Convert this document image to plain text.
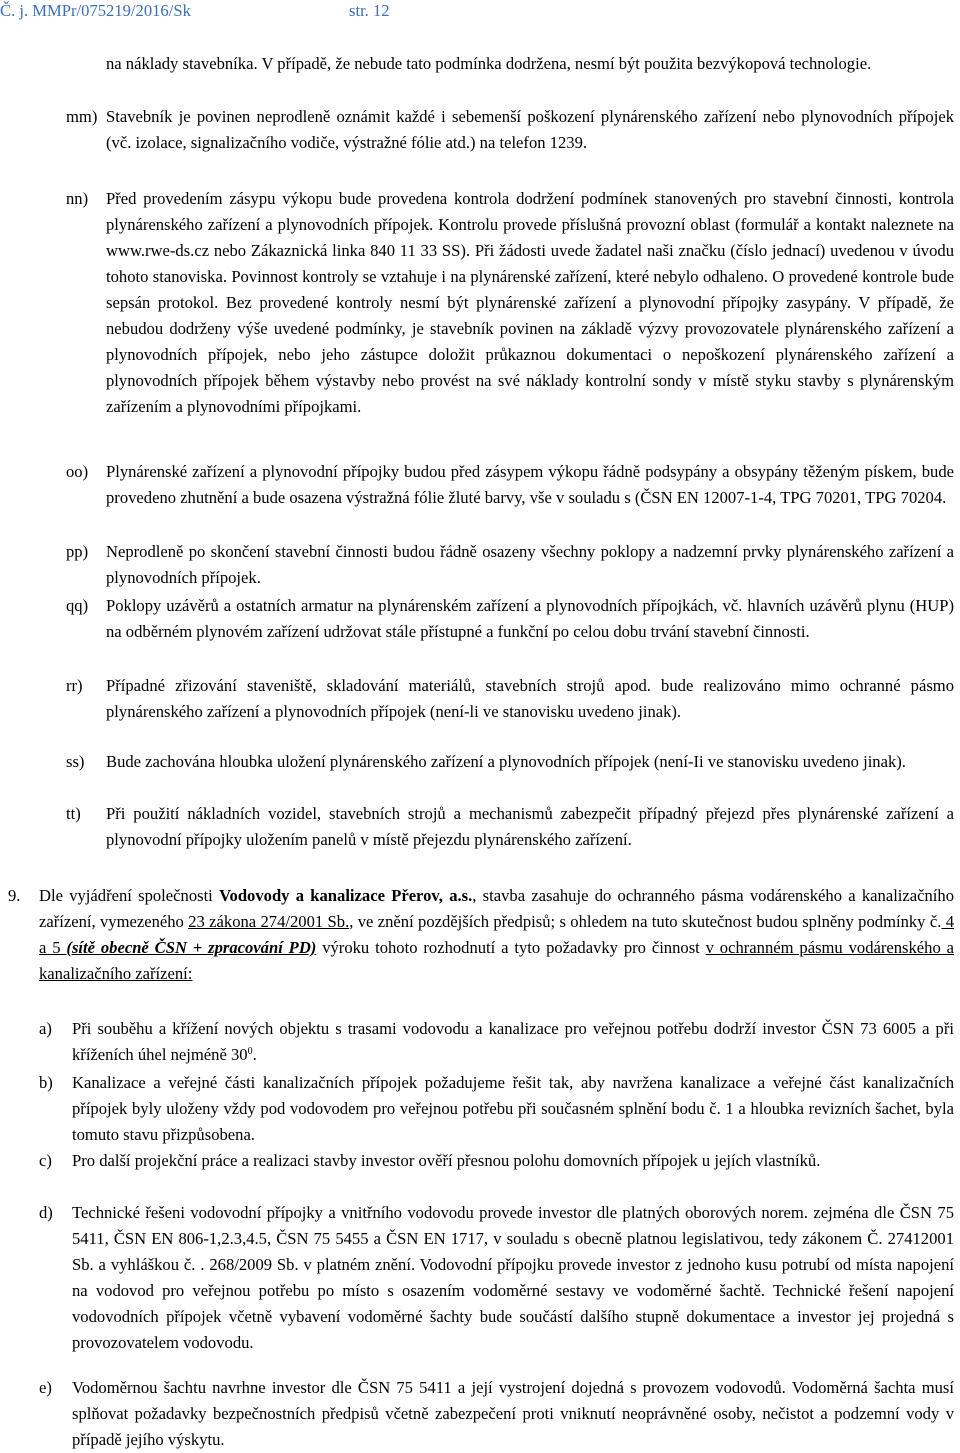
Č. j. MMPr/075219/2016/Sk	str. 12
na náklady stavebníka. V případě, že nebude tato podmínka dodržena, nesmí být použita bezvýkopová technologie.
mm) Stavebník je povinen neprodleně oznámit každé i sebemenší poškození plynárenského zařízení nebo plynovodních přípojek (vč. izolace, signalizačního vodiče, výstražné fólie atd.) na telefon 1239.
nn) Před provedením zásypu výkopu bude provedena kontrola dodržení podmínek stanovených pro stavební činnosti, kontrola plynárenského zařízení a plynovodních přípojek. Kontrolu provede příslušná provozní oblast (formulář a kontakt naleznete na www.rwe-ds.cz nebo Zákaznická linka 840 11 33 SS). Při žádosti uvede žadatel naši značku (číslo jednací) uvedenou v úvodu tohoto stanoviska. Povinnost kontroly se vztahuje i na plynárenské zařízení, které nebylo odhaleno. O provedené kontrole bude sepsán protokol. Bez provedené kontroly nesmí být plynárenské zařízení a plynovodní přípojky zasypány. V případě, že nebudou dodrženy výše uvedené podmínky, je stavebník povinen na základě výzvy provozovatele plynárenského zařízení a plynovodních přípojek, nebo jeho zástupce doložit průkaznou dokumentaci o nepoškození plynárenského zařízení a plynovodních přípojek během výstavby nebo provést na své náklady kontrolní sondy v místě styku stavby s plynárenským zařízením a plynovodními přípojkami.
oo) Plynárenské zařízení a plynovodní přípojky budou před zásypem výkopu řádně podsypány a obsypány těženým pískem, bude provedeno zhutnění a bude osazena výstražná fólie žluté barvy, vše v souladu s (ČSN EN 12007-1-4, TPG 70201, TPG 70204.
pp) Neprodleně po skončení stavební činnosti budou řádně osazeny všechny poklopy a nadzemní prvky plynárenského zařízení a plynovodních přípojek.
qq) Poklopy uzávěrů a ostatních armatur na plynárenském zařízení a plynovodních přípojkách, vč. hlavních uzávěrů plynu (HUP) na odběrném plynovém zařízení udržovat stále přístupné a funkční po celou dobu trvání stavební činnosti.
rr) Případné zřizování staveniště, skladování materiálů, stavebních strojů apod. bude realizováno mimo ochranné pásmo plynárenského zařízení a plynovodních přípojek (není-li ve stanovisku uvedeno jinak).
ss) Bude zachována hloubka uložení plynárenského zařízení a plynovodních přípojek (není-Ii ve stanovisku uvedeno jinak).
tt) Při použití nákladních vozidel, stavebních strojů a mechanismů zabezpečit případný přejezd přes plynárenské zařízení a plynovodní přípojky uložením panelů v místě přejezdu plynárenského zařízení.
9. Dle vyjádření společnosti Vodovody a kanalizace Přerov, a.s., stavba zasahuje do ochranného pásma vodárenského a kanalizačního zařízení, vymezeného 23 zákona 274/2001 Sb., ve znění pozdějších předpisů; s ohledem na tuto skutečnost budou splněny podmínky č. 4 a 5 (sítě obecně ČSN + zpracování PD) výroku tohoto rozhodnutí a tyto požadavky pro činnost v ochranném pásmu vodárenského a kanalizačního zařízení:
a) Při souběhu a křížení nových objektu s trasami vodovodu a kanalizace pro veřejnou potřebu dodrží investor ČSN 73 6005 a při kříženích úhel nejméně $30^0$.
b) Kanalizace a veřejné části kanalizačních přípojek požadujeme řešit tak, aby navržena kanalizace a veřejné část kanalizačních přípojek byly uloženy vždy pod vodovodem pro veřejnou potřebu při současném splnění bodu č. 1 a hloubka revizních šachet, byla tomuto stavu přizpůsobena.
c) Pro další projekční práce a realizaci stavby investor ověří přesnou polohu domovních přípojek u jejích vlastníků.
d) Technické řešeni vodovodní přípojky a vnitřního vodovodu provede investor dle platných oborových norem. zejména dle ČSN 75 5411, ČSN EN 806-1,2.3,4.5, ČSN 75 5455 a ČSN EN 1717, v souladu s obecně platnou legislativou, tedy zákonem Č. 27412001 Sb. a vyhláškou č. . 268/2009 Sb. v platném znění. Vodovodní přípojku provede investor z jednoho kusu potrubí od místa napojení na vodovod pro veřejnou potřebu po místo s osazením vodoměrné sestavy ve vodoměrné šachtě. Technické řešení napojení vodovodních přípojek včetně vybavení vodoměrné šachty bude součástí dalšího stupně dokumentace a investor jej projedná s provozovatelem vodovodu.
e) Vodoměrnou šachtu navrhne investor dle ČSN 75 5411 a její vystrojení dojedná s provozem vodovodů. Vodoměrná šachta musí splňovat požadavky bezpečnostních předpisů včetně zabezpečení proti vniknutí neoprávněné osoby, nečistot a podzemní vody v případě jejího výskytu.
